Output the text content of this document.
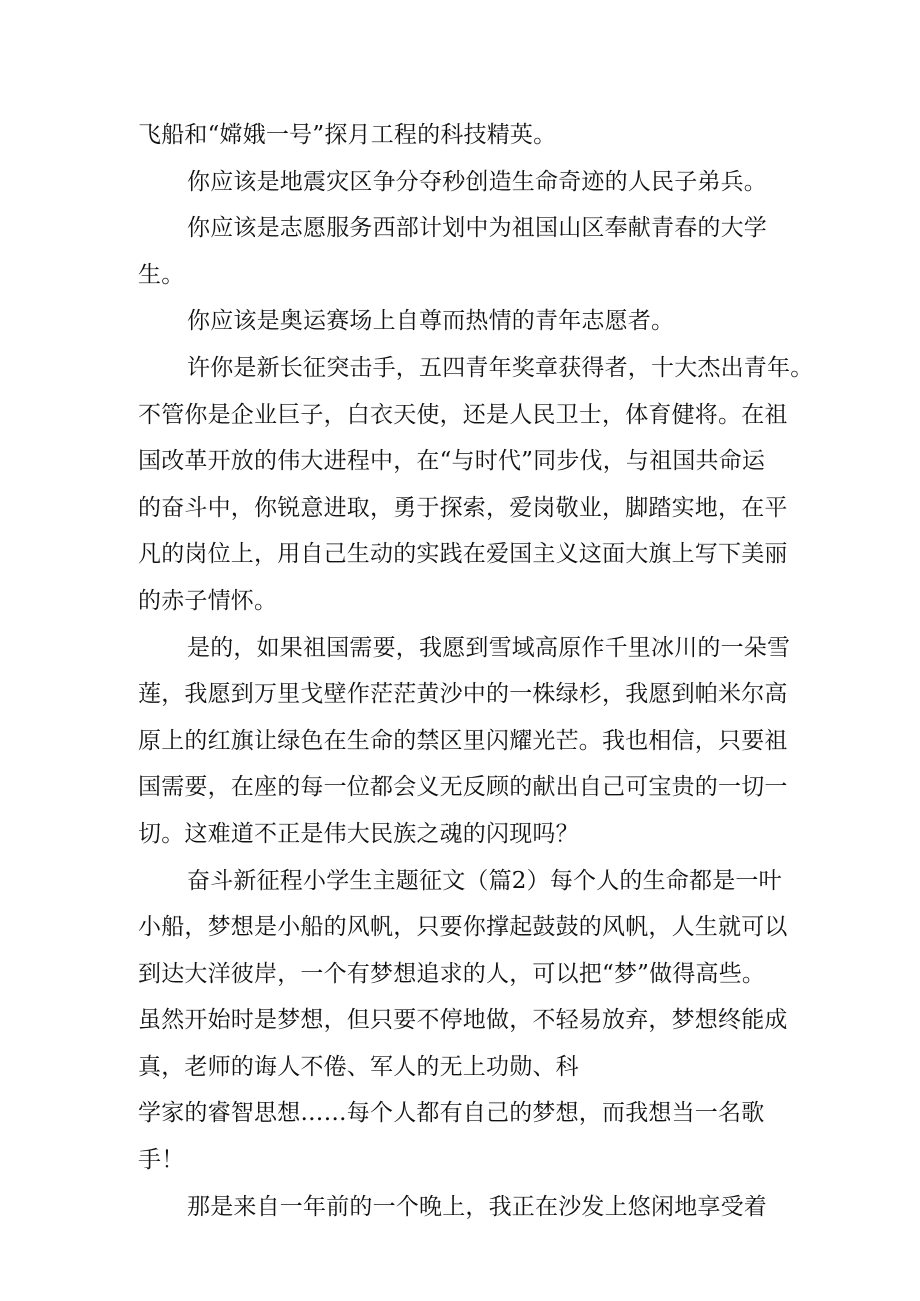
飞船和“嫦娥一号”探月工程的科技精英。
你应该是地震灾区争分夺秒创造生命奇迹的人民子弟兵。
你应该是志愿服务西部计划中为祖国山区奉献青春的大学
生。
你应该是奥运赛场上自尊而热情的青年志愿者。
许你是新长征突击手，五四青年奖章获得者，十大杰出青年。
不管你是企业巨子，白衣天使，还是人民卫士，体育健将。在祖
国改革开放的伟大进程中，在“与时代”同步伐，与祖国共命运
的奋斗中，你锐意进取，勇于探索，爱岗敬业，脚踏实地，在平
凡的岗位上，用自己生动的实践在爱国主义这面大旗上写下美丽
的赤子情怀。
是的，如果祖国需要，我愿到雪域高原作千里冰川的一朵雪
莲，我愿到万里戈壁作茫茫黄沙中的一株绿杉，我愿到帕米尔高
原上的红旗让绿色在生命的禁区里闪耀光芒。我也相信，只要祖
国需要，在座的每一位都会义无反顾的献出自己可宝贵的一切一
切。这难道不正是伟大民族之魂的闪现吗？
奋斗新征程小学生主题征文（篇2）每个人的生命都是一叶
小船，梦想是小船的风帆，只要你撑起鼓鼓的风帆，人生就可以
到达大洋彼岸，一个有梦想追求的人，可以把“梦”做得高些。
虽然开始时是梦想，但只要不停地做，不轻易放弃，梦想终能成
真，老师的诲人不倦、军人的无上功勋、科
学家的睿智思想……每个人都有自己的梦想，而我想当一名歌
手！
那是来自一年前的一个晚上，我正在沙发上悠闲地享受着
